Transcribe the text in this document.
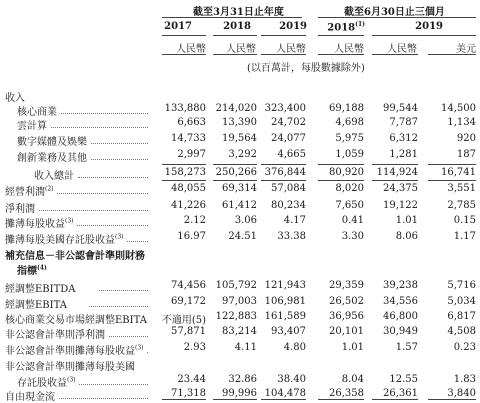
截至3月31日止年度	截至6月30日止三個月
2017	2018	2019	2018$^{(1)}$	2019
人民幣	人民幣	人民幣	人民幣	人民幣	美元
(以百萬計，每股數據除外)
收入
核心商業	133,880 214,020 323,400	69,188	99,544	14,500
雲計算	6,663	13,390	24,702	4,698	7,787	1,134
數字媒體及娛樂	14,733	19,564	24,077	5,975	6,312	920
創新業務及其他	2,997	3,292	4,665	1,059	1,281	187
收入總計	158,273 250,266 376,844	80,920	114,924	16,741
經營利潤$^{(2)}$	48,055	69,314	57,084	8,020	24,375	3,551
淨利潤	41,226	61,412	80,234	7,650	19,122	2,785
攤薄每股收益$^{(3)}$	2.12	3.06	4.17	0.41	1.01	0.15
攤薄每股美國存託股收益$^{(3)}$	16.97	24.51	33.38	3.30	8.06	1.17
補充信息－非公認會計準則財務
指標$^{(4)}$
經調整EBITDA	74,456 105,792 121,943	29,359	39,238	5,716
經調整EBITA	69,172	97,003 106,981	26,502	34,556	5,034
核心商業交易市場經調整EBITA	不適用(5) 122,883 161,589	36,956	46,800	6,817
非公認會計準則淨利潤	57,871	83,214	93,407	20,101	30,949	4,508
非公認會計準則攤薄每股收益$^{(3)}$	2.93	4.11	4.80	1.01	1.57	0.23
非公認會計準則攤薄每股美國
存託股收益$^{(3)}$	23.44	32.86	38.40	8.04	12.55	1.83
自由現金流	71,318	99,996 104,478	26,358	26,361	3,840
